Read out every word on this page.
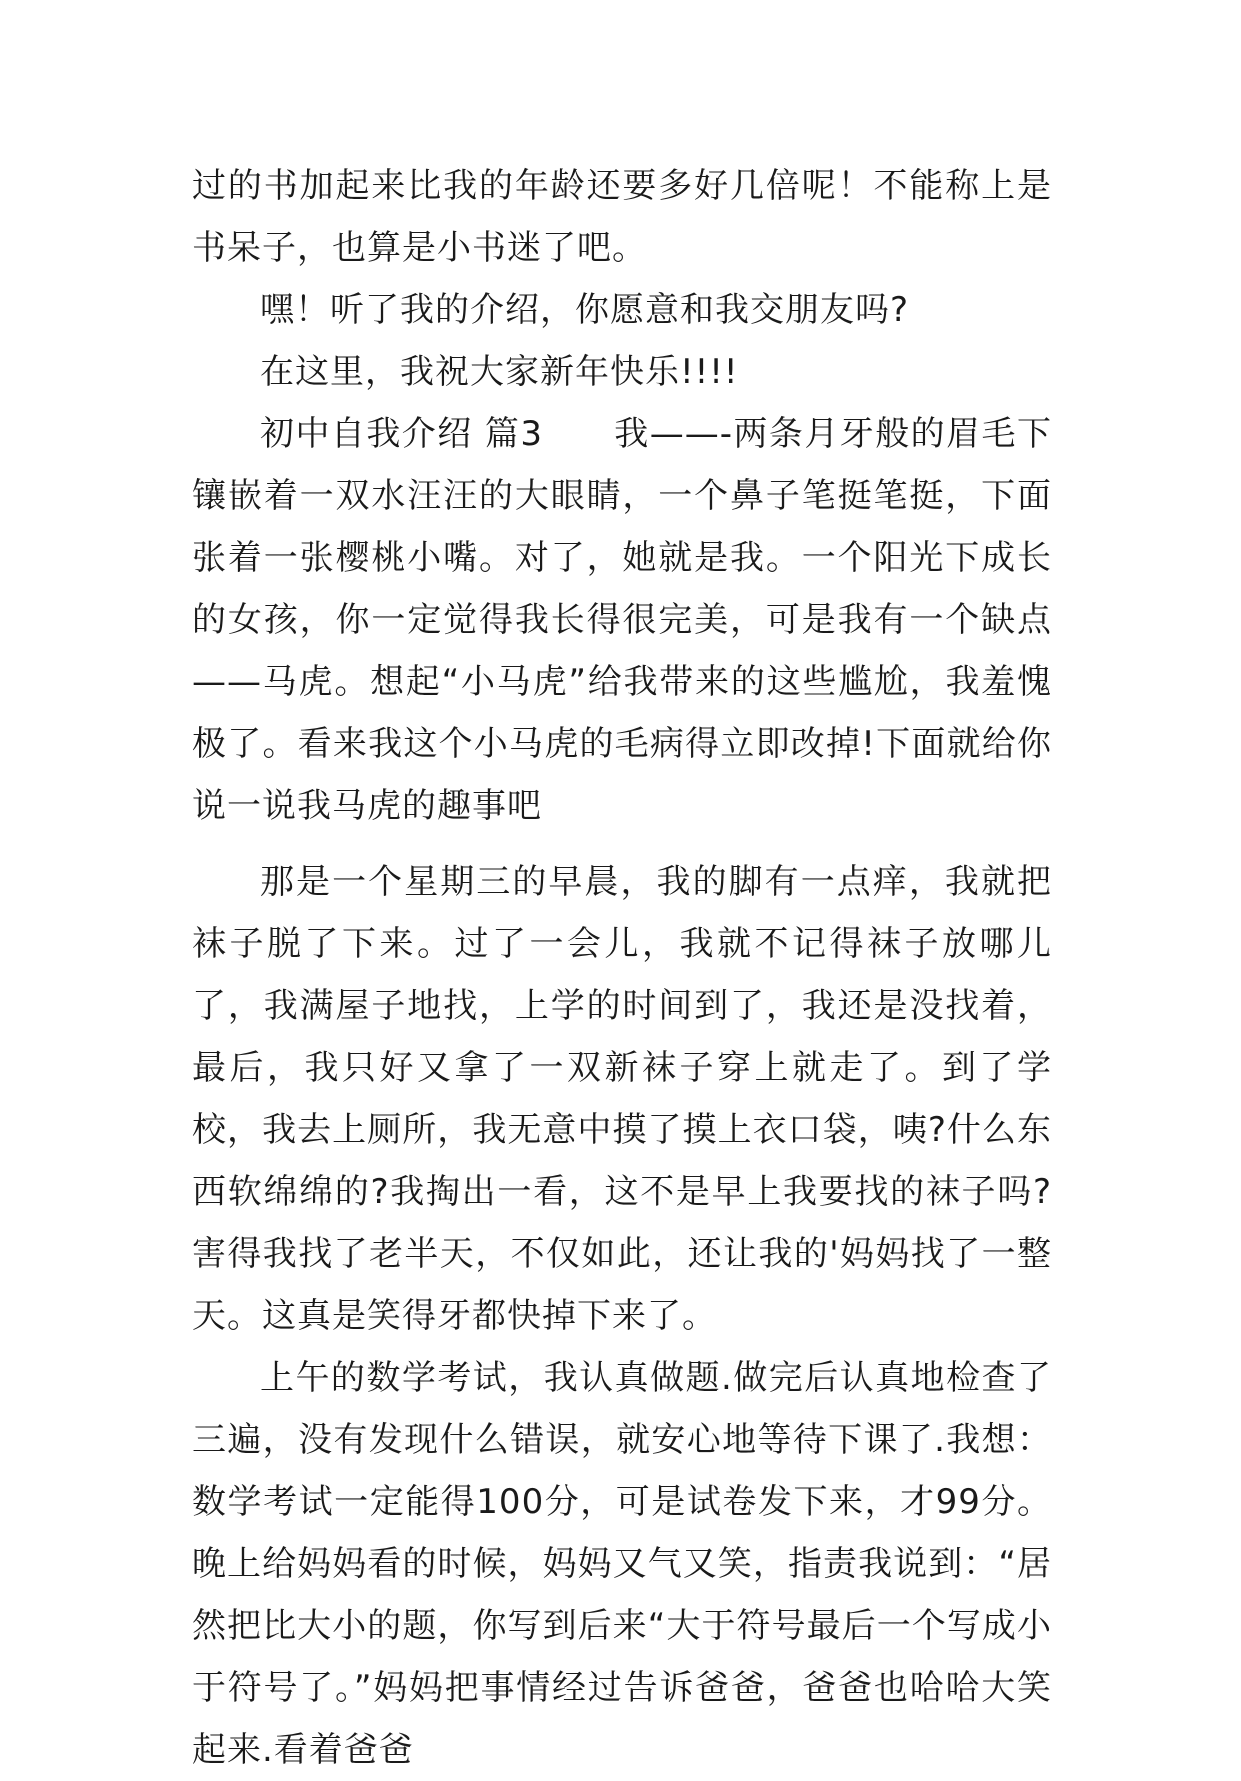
过的书加起来比我的年龄还要多好几倍呢！不能称上是书呆子，也算是小书迷了吧。

嘿！听了我的介绍，你愿意和我交朋友吗?

在这里，我祝大家新年快乐!!!!

初中自我介绍 篇3　　我——-两条月牙般的眉毛下镶嵌着一双水汪汪的大眼睛，一个鼻子笔挺笔挺，下面张着一张樱桃小嘴。对了，她就是我。一个阳光下成长的女孩，你一定觉得我长得很完美，可是我有一个缺点——马虎。想起“小马虎”给我带来的这些尴尬，我羞愧极了。看来我这个小马虎的毛病得立即改掉!下面就给你说一说我马虎的趣事吧

那是一个星期三的早晨，我的脚有一点痒，我就把袜子脱了下来。过了一会儿，我就不记得袜子放哪儿了，我满屋子地找，上学的时间到了，我还是没找着，最后，我只好又拿了一双新袜子穿上就走了。到了学校，我去上厕所，我无意中摸了摸上衣口袋，咦?什么东西软绵绵的?我掏出一看，这不是早上我要找的袜子吗?害得我找了老半天，不仅如此，还让我的'妈妈找了一整天。这真是笑得牙都快掉下来了。

上午的数学考试，我认真做题.做完后认真地检查了三遍，没有发现什么错误，就安心地等待下课了.我想：数学考试一定能得100分，可是试卷发下来，才99分。晚上给妈妈看的时候，妈妈又气又笑，指责我说到：“居然把比大小的题，你写到后来“大于符号最后一个写成小于符号了。”妈妈把事情经过告诉爸爸，爸爸也哈哈大笑起来.看着爸爸
